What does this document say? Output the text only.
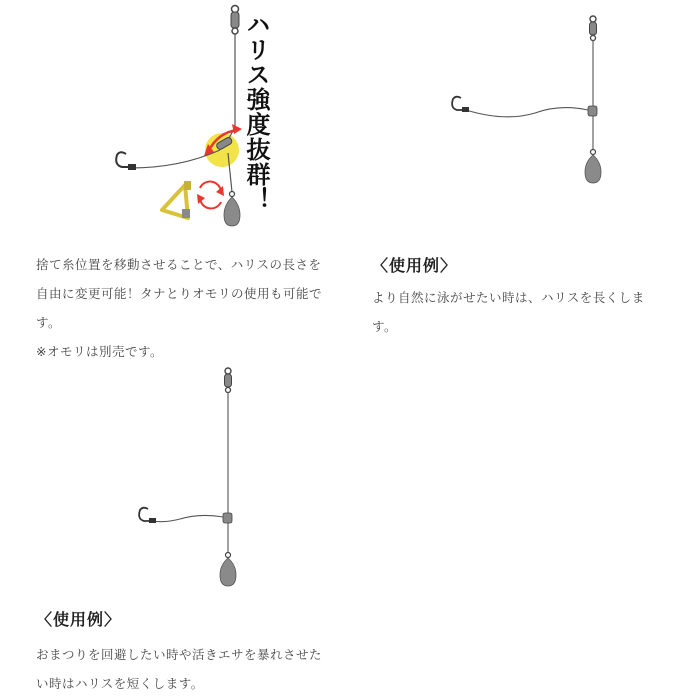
ハリス強度抜群！
捨て糸位置を移動させることで、ハリスの長さを
自由に変更可能！タナとりオモリの使用も可能で
す。
※オモリは別売です。
〈使用例〉
より自然に泳がせたい時は、ハリスを長くしま
す。
〈使用例〉
おまつりを回避したい時や活きエサを暴れさせた
い時はハリスを短くします。
